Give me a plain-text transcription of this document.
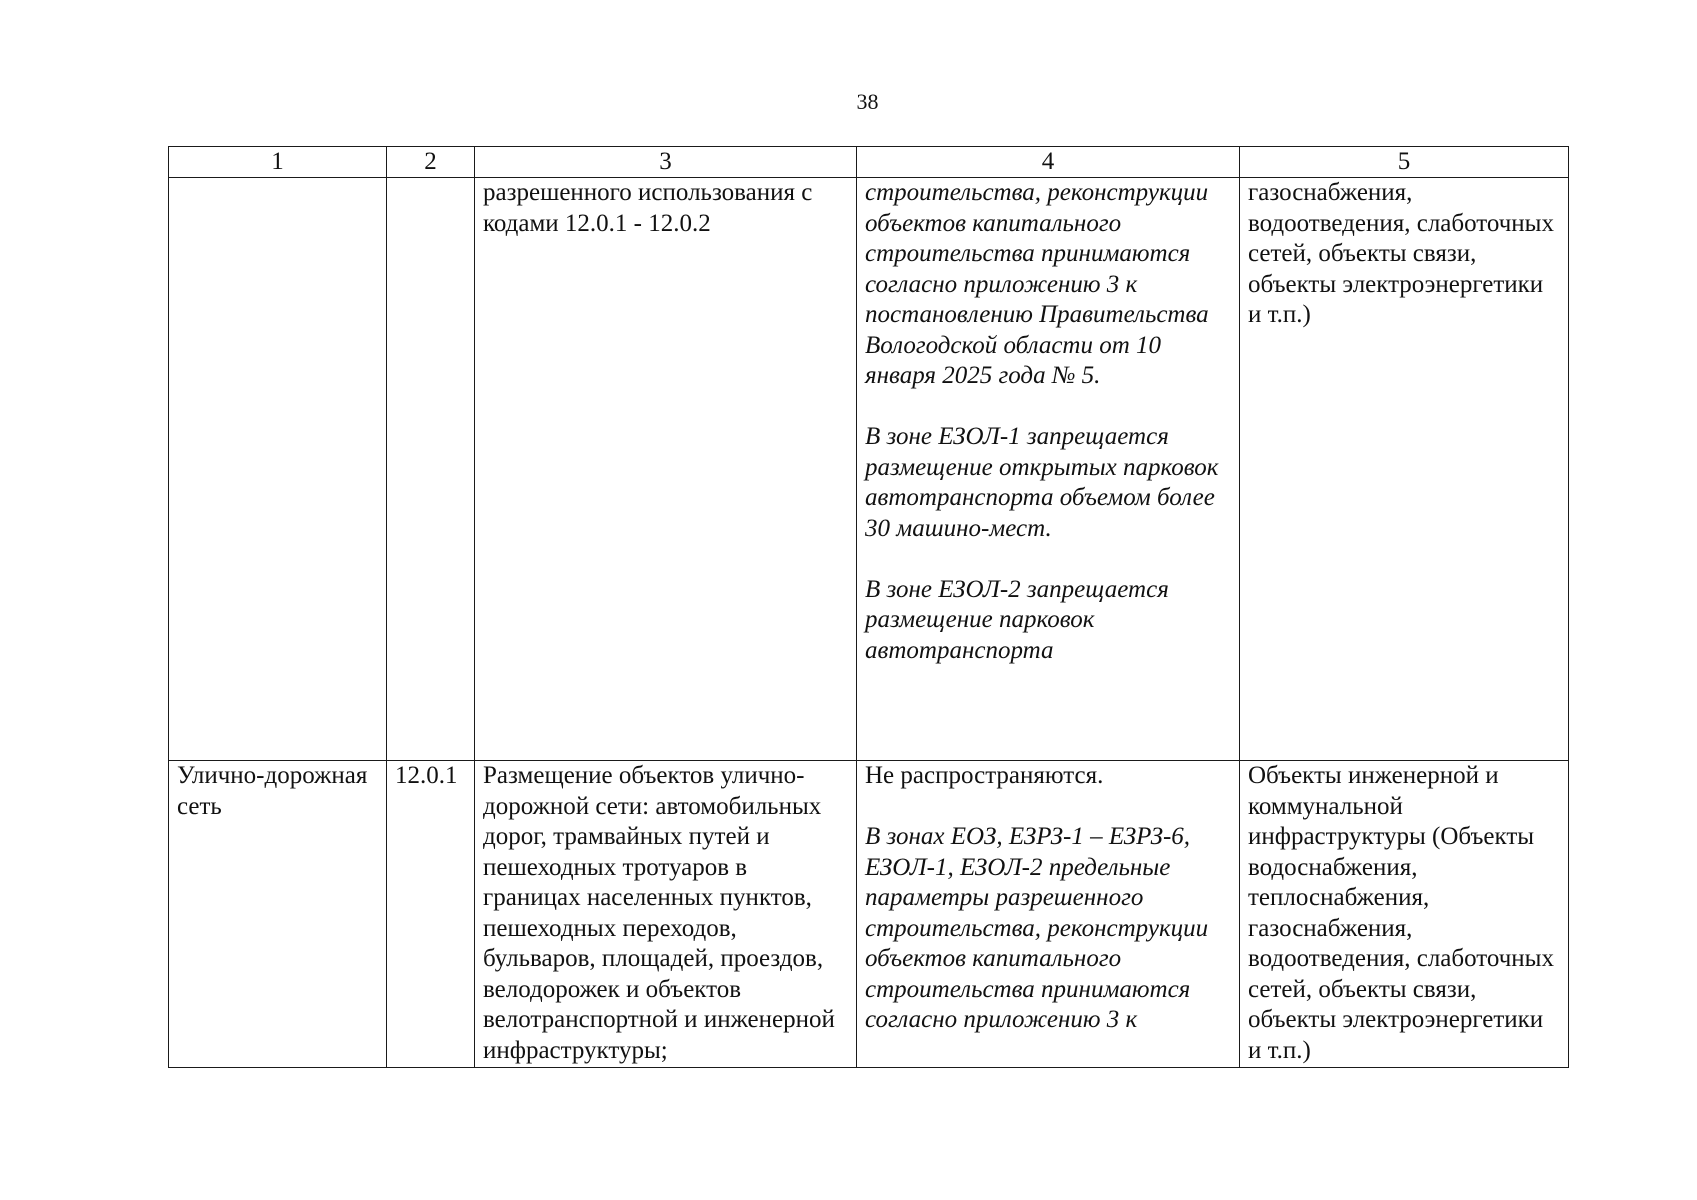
38
1	2	3	4	5
		разрешенного использования с кодами 12.0.1 - 12.0.2	строительства, реконструкции объектов капитального строительства принимаются согласно приложению 3 к постановлению Правительства Вологодской области от 10 января 2025 года № 5.
В зоне ЕЗОЛ-1 запрещается размещение открытых парковок автотранспорта объемом более 30 машино-мест.
В зоне ЕЗОЛ-2 запрещается размещение парковок автотранспорта	газоснабжения, водоотведения, слаботочных сетей, объекты связи, объекты электроэнергетики и т.п.)
Улично-дорожная сеть	12.0.1	Размещение объектов улично-дорожной сети: автомобильных дорог, трамвайных путей и пешеходных тротуаров в границах населенных пунктов, пешеходных переходов, бульваров, площадей, проездов, велодорожек и объектов велотранспортной и инженерной инфраструктуры;	Не распространяются.
В зонах ЕОЗ, ЕЗРЗ-1 – ЕЗРЗ-6, ЕЗОЛ-1, ЕЗОЛ-2 предельные параметры разрешенного строительства, реконструкции объектов капитального строительства принимаются согласно приложению 3 к	Объекты инженерной и коммунальной инфраструктуры (Объекты водоснабжения, теплоснабжения, газоснабжения, водоотведения, слаботочных сетей, объекты связи, объекты электроэнергетики и т.п.)
